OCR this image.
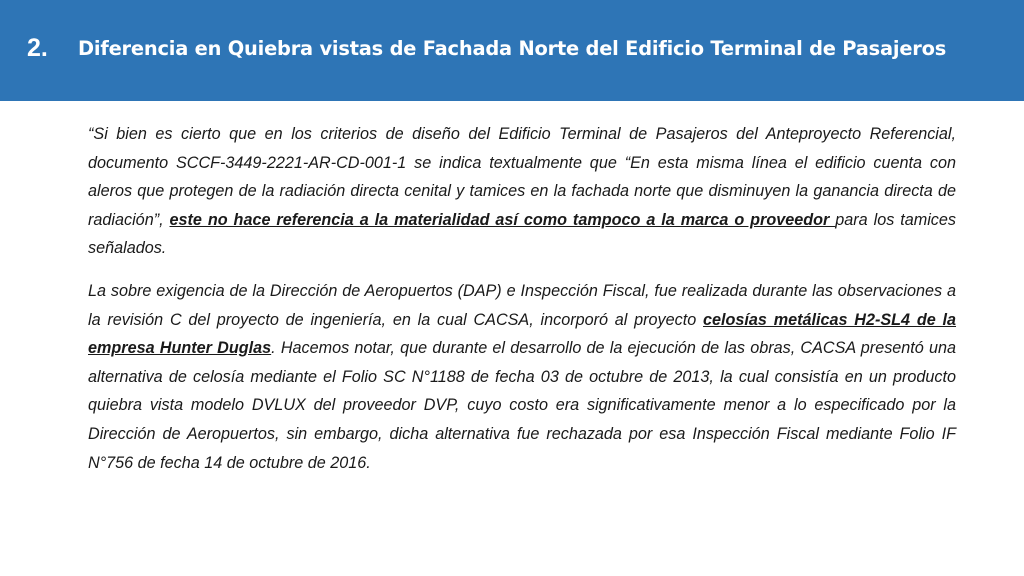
2. Diferencia en Quiebra vistas de Fachada Norte del Edificio Terminal de Pasajeros

“Si bien es cierto que en los criterios de diseño del Edificio Terminal de Pasajeros del Anteproyecto Referencial, documento SCCF-3449-2221-AR-CD-001-1 se indica textualmente que “En esta misma línea el edificio cuenta con aleros que protegen de la radiación directa cenital y tamices en la fachada norte que disminuyen la ganancia directa de radiación”, este no hace referencia a la materialidad así como tampoco a la marca o proveedor para los tamices señalados.

La sobre exigencia de la Dirección de Aeropuertos (DAP) e Inspección Fiscal, fue realizada durante las observaciones a la revisión C del proyecto de ingeniería, en la cual CACSA, incorporó al proyecto celosías metálicas H2-SL4 de la empresa Hunter Duglas. Hacemos notar, que durante el desarrollo de la ejecución de las obras, CACSA presentó una alternativa de celosía mediante el Folio SC N°1188 de fecha 03 de octubre de 2013, la cual consistía en un producto quiebra vista modelo DVLUX del proveedor DVP, cuyo costo era significativamente menor a lo especificado por la Dirección de Aeropuertos, sin embargo, dicha alternativa fue rechazada por esa Inspección Fiscal mediante Folio IF N°756 de fecha 14 de octubre de 2016.
